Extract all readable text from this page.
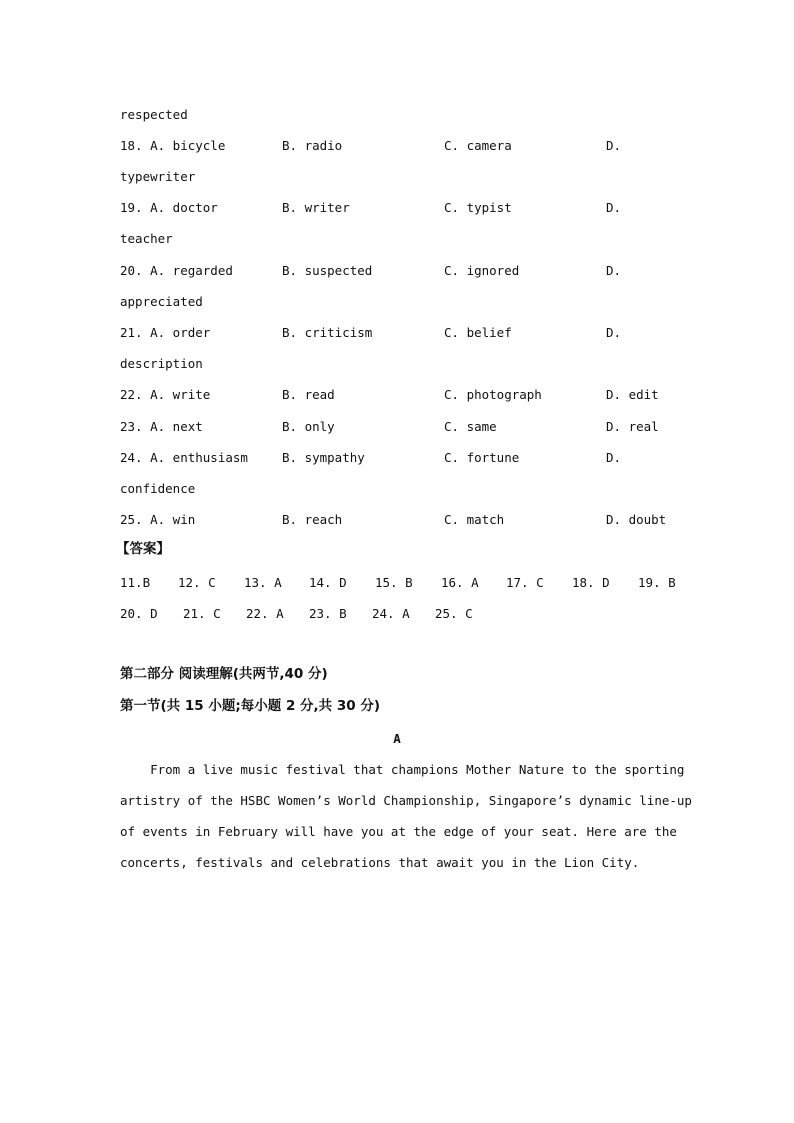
respected
18. A. bicycle	B. radio	C. camera	D.
typewriter
19. A. doctor	B. writer	C. typist	D.
teacher
20. A. regarded	B. suspected	C. ignored	D.
appreciated
21. A. order	B. criticism	C. belief	D.
description
22. A. write	B. read	C. photograph	D. edit
23. A. next	B. only	C. same	D. real
24. A. enthusiasm	B. sympathy	C. fortune	D.
confidence
25. A. win	B. reach	C. match	D. doubt
【答案】
11.B 12. C 13. A 14. D 15. B 16. A 17. C 18. D 19. B
20. D 21. C 22. A 23. B 24. A 25. C
第二部分 阅读理解(共两节,40 分)
第一节(共 15 小题;每小题 2 分,共 30 分)
A
From a live music festival that champions Mother Nature to the sporting
artistry of the HSBC Women’s World Championship, Singapore’s dynamic line-up
of events in February will have you at the edge of your seat. Here are the
concerts, festivals and celebrations that await you in the Lion City.
